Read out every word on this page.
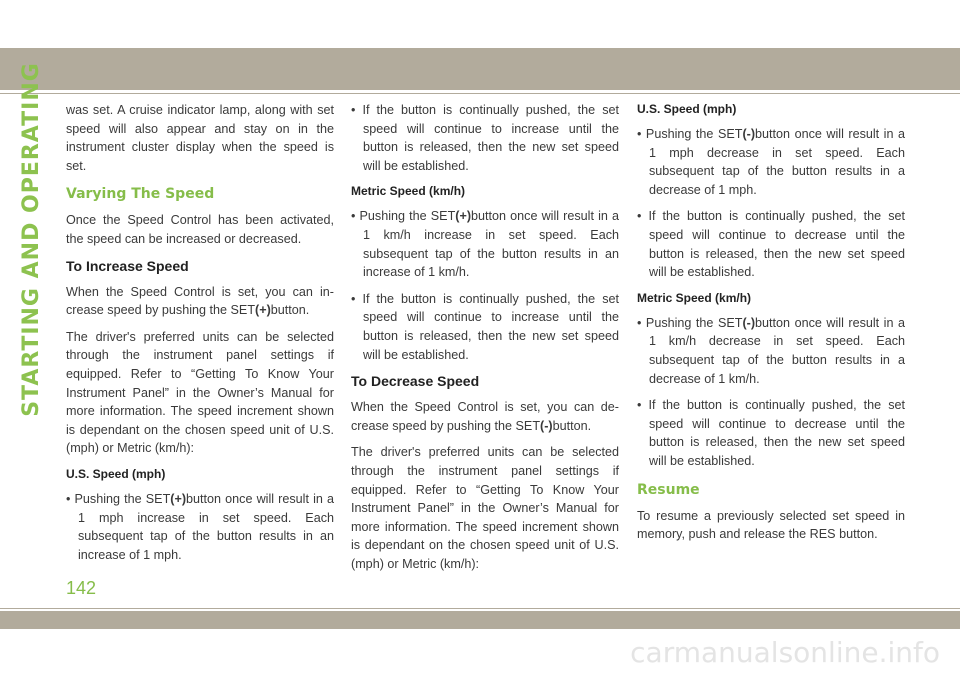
STARTING AND OPERATING was set. A cruise indicator lamp, along with set speed will also appear and stay on in the instrument cluster display when the speed is set.

Varying The Speed

Once the Speed Control has been activated, the speed can be increased or decreased.

To Increase Speed

When the Speed Control is set, you can in-crease speed by pushing the SET(+)button.

The driver's preferred units can be selected through the instrument panel settings if equipped. Refer to “Getting To Know Your Instrument Panel” in the Owner’s Manual for more information. The speed increment shown is dependant on the chosen speed unit of U.S. (mph) or Metric (km/h):

U.S. Speed (mph)

• Pushing the SET(+)button once will result in a 1 mph increase in set speed. Each subsequent tap of the button results in an increase of 1 mph.

• If the button is continually pushed, the set speed will continue to increase until the button is released, then the new set speed will be established.

Metric Speed (km/h)

• Pushing the SET(+)button once will result in a 1 km/h increase in set speed. Each subsequent tap of the button results in an increase of 1 km/h.

• If the button is continually pushed, the set speed will continue to increase until the button is released, then the new set speed will be established.

To Decrease Speed

When the Speed Control is set, you can de-crease speed by pushing the SET(-)button.

The driver's preferred units can be selected through the instrument panel settings if equipped. Refer to “Getting To Know Your Instrument Panel” in the Owner’s Manual for more information. The speed increment shown is dependant on the chosen speed unit of U.S. (mph) or Metric (km/h):

U.S. Speed (mph)

• Pushing the SET(-)button once will result in a 1 mph decrease in set speed. Each subsequent tap of the button results in a decrease of 1 mph.

• If the button is continually pushed, the set speed will continue to decrease until the button is released, then the new set speed will be established.

Metric Speed (km/h)

• Pushing the SET(-)button once will result in a 1 km/h decrease in set speed. Each subsequent tap of the button results in a decrease of 1 km/h.

• If the button is continually pushed, the set speed will continue to decrease until the button is released, then the new set speed will be established.

Resume

To resume a previously selected set speed in memory, push and release the RES button.

142
carmanualsonline.info
